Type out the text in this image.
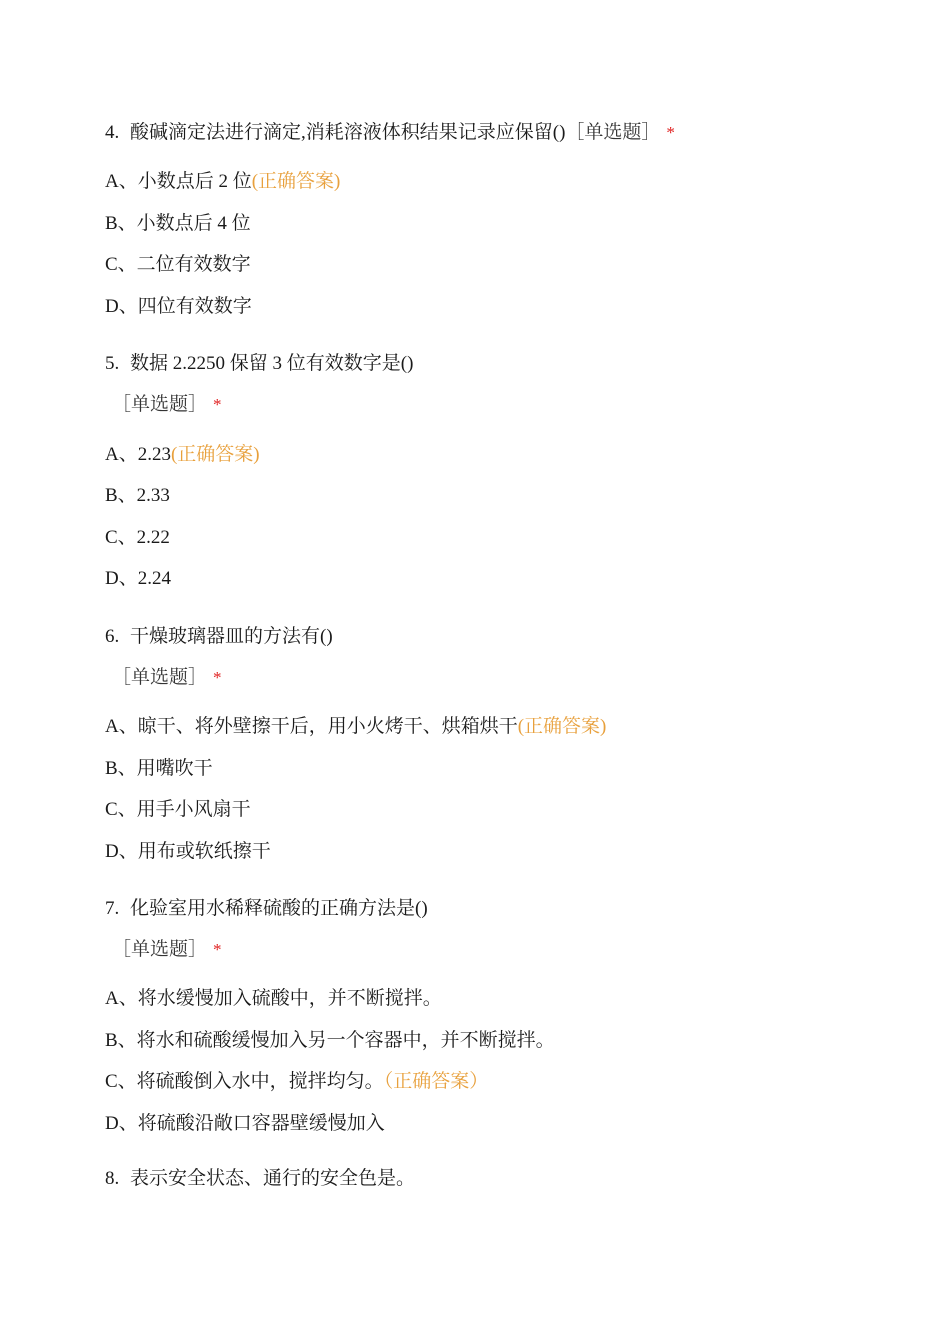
4. 酸碱滴定法进行滴定,消耗溶液体积结果记录应保留()［单选题］ *
A、小数点后 2 位(正确答案)
B、小数点后 4 位
C、二位有效数字
D、四位有效数字
5. 数据 2.2250 保留 3 位有效数字是()
［单选题］ *
A、2.23(正确答案)
B、2.33
C、2.22
D、2.24
6. 干燥玻璃器皿的方法有()
［单选题］ *
A、晾干、将外壁擦干后，用小火烤干、烘箱烘干(正确答案)
B、用嘴吹干
C、用手小风扇干
D、用布或软纸擦干
7. 化验室用水稀释硫酸的正确方法是()
［单选题］ *
A、将水缓慢加入硫酸中，并不断搅拌。
B、将水和硫酸缓慢加入另一个容器中，并不断搅拌。
C、将硫酸倒入水中，搅拌均匀。（正确答案）
D、将硫酸沿敞口容器壁缓慢加入
8. 表示安全状态、通行的安全色是。
